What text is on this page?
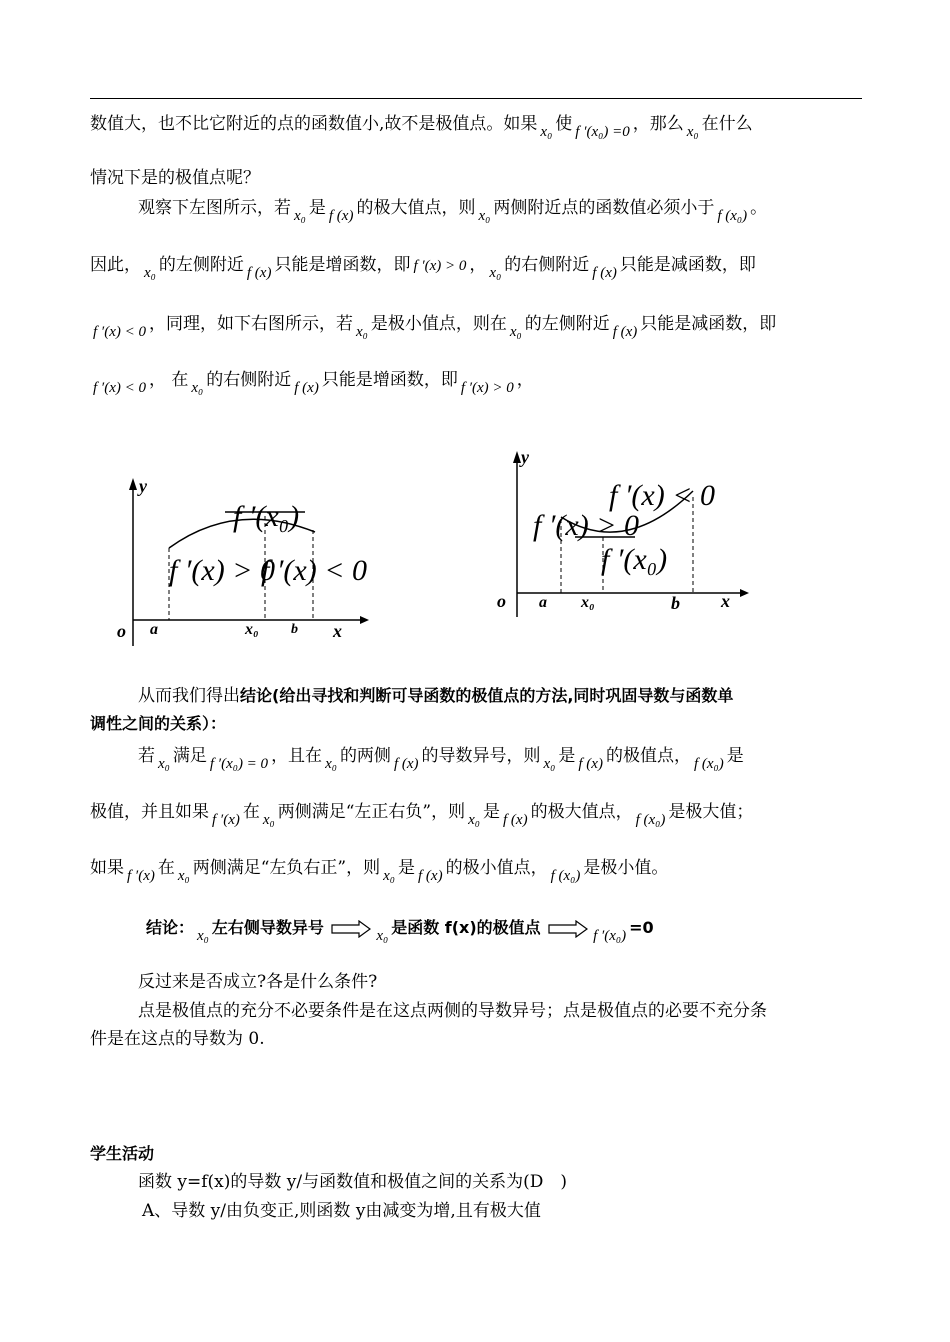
数值大，也不比它附近的点的函数值小,故不是极值点。如果 x₀ 使 f ′(x₀) =0 ，那么 x₀ 在什么
情况下是的极值点呢？
观察下左图所示，若 x₀ 是 f (x) 的极大值点，则 x₀ 两侧附近点的函数值必须小于 f (x₀) 。
因此， x₀ 的左侧附近 f (x) 只能是增函数，即 f ′(x) > 0 ， x₀ 的右侧附近 f (x) 只能是减函数，即
f ′(x) < 0 ，同理，如下右图所示，若 x₀ 是极小值点，则在 x₀ 的左侧附近 f (x) 只能是减函数，即
f ′(x) < 0 ， 在 x₀ 的右侧附近 f (x) 只能是增函数，即 f ′(x) > 0 ，
y
o a	x₀ b x
f ′(x₀)
f ′(x) > 0
f ′(x) < 0
y
o a x₀	b x
f ′(x) > 0
f ′(x) < 0
f ′(x₀)
从而我们得出结论(给出寻找和判断可导函数的极值点的方法,同时巩固导数与函数单
调性之间的关系）：
若 x₀ 满足 f ′(x₀) = 0 ，且在 x₀ 的两侧 f (x) 的导数异号，则 x₀ 是 f (x) 的极值点， f (x₀) 是
极值，并且如果 f ′(x) 在 x₀ 两侧满足“左正右负”，则 x₀ 是 f (x) 的极大值点， f (x₀) 是极大值；
如果 f ′(x) 在 x₀ 两侧满足“左负右正”，则 x₀ 是 f (x) 的极小值点， f (x₀) 是极小值。
结论： x₀ 左右侧导数异号	x₀ 是函数 f(x)的极值点	f ′(x₀) =0
反过来是否成立?各是什么条件?
点是极值点的充分不必要条件是在这点两侧的导数异号；点是极值点的必要不充分条
件是在这点的导数为 0.
学生活动
函数 y=f(x)的导数 y/与函数值和极值之间的关系为(D　)
A、导数 y/由负变正,则函数 y由减变为增,且有极大值
